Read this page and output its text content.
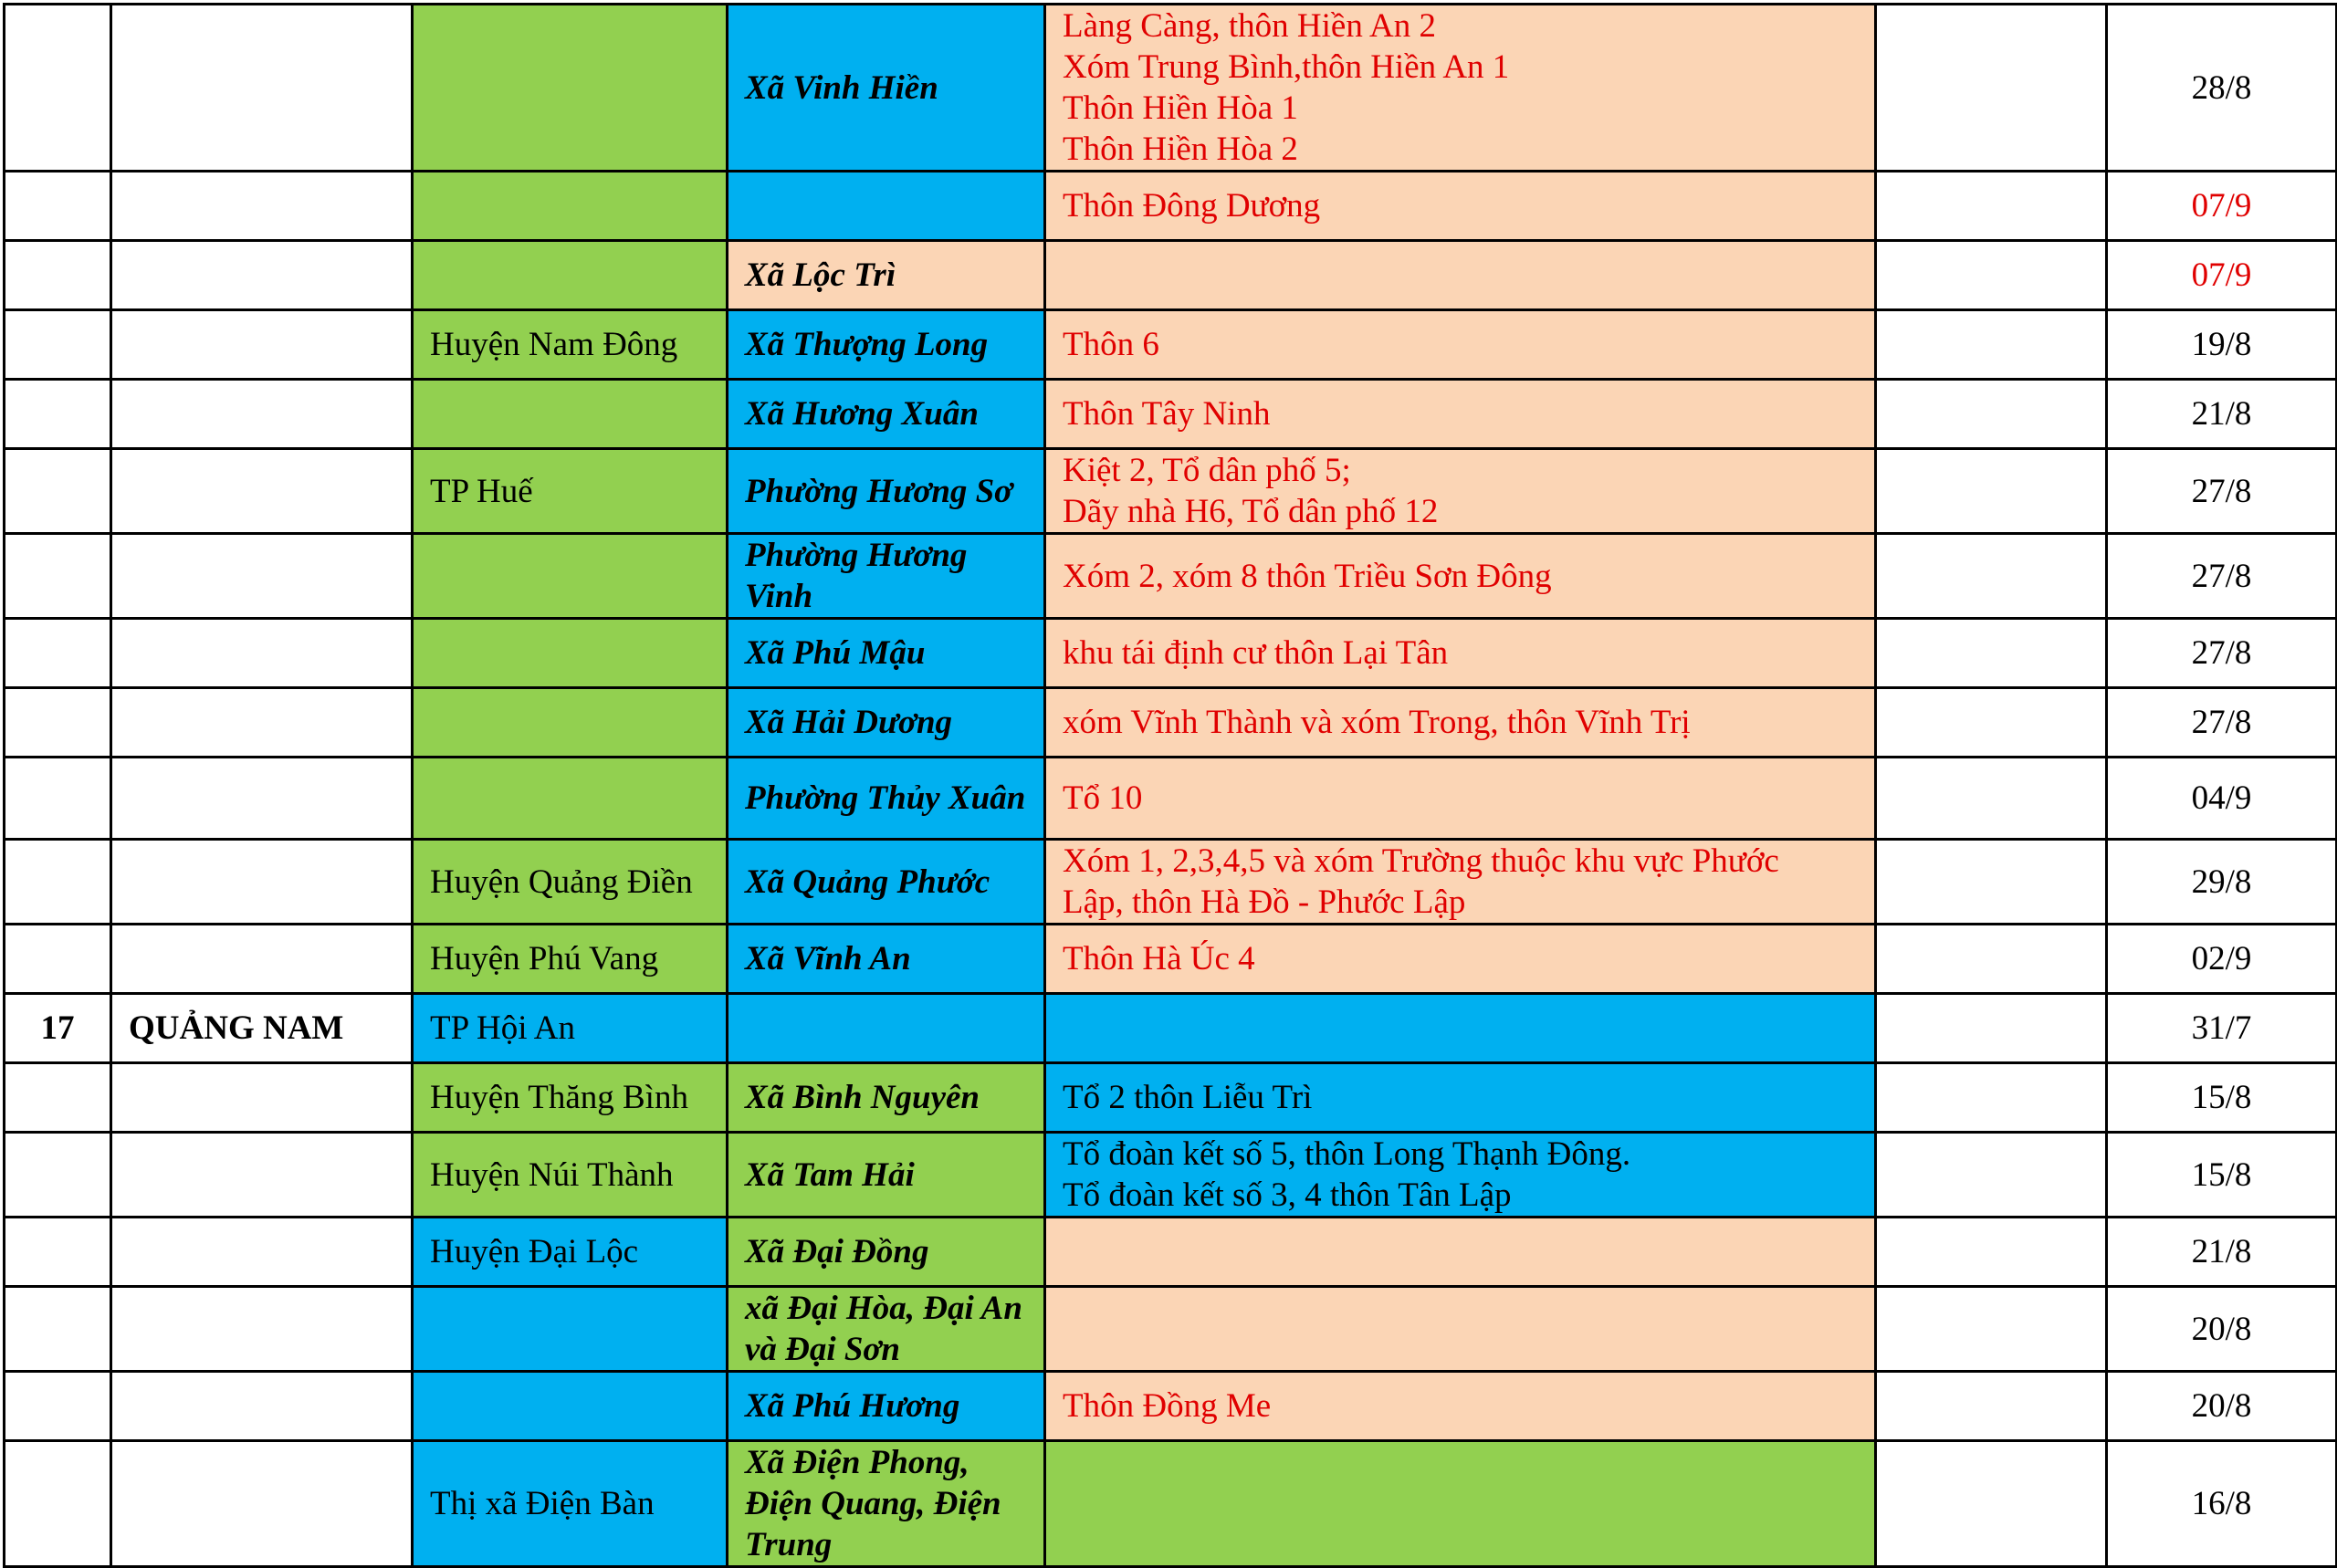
			Xã Vinh Hiền	Làng Càng, thôn Hiền An 2
Xóm Trung Bình,thôn Hiền An 1
Thôn Hiền Hòa 1
Thôn Hiền Hòa 2		28/8

				Thôn Đông Dương		07/9

			Xã Lộc Trì			07/9
		Huyện Nam Đông	Xã Thượng Long	Thôn 6		19/8

			Xã Hương Xuân	Thôn Tây Ninh		21/8
		TP Huế	Phường Hương Sơ	Kiệt 2, Tổ dân phố 5;
Dãy nhà H6, Tổ dân phố 12		27/8

			Phường Hương Vinh	Xóm 2, xóm 8 thôn Triều Sơn Đông		27/8

			Xã Phú Mậu	khu tái định cư thôn Lại Tân		27/8

			Xã Hải Dương	xóm Vĩnh Thành và xóm Trong, thôn Vĩnh Trị		27/8

			Phường Thủy Xuân	Tổ 10		04/9
		Huyện Quảng Điền	Xã Quảng Phước	Xóm 1, 2,3,4,5 và xóm Trường thuộc khu vực Phước
Lập, thôn Hà Đồ - Phước Lập		29/8
		Huyện Phú Vang	Xã Vĩnh An	Thôn Hà Úc 4		02/9
17	QUẢNG NAM	TP Hội An				31/7
		Huyện Thăng Bình	Xã Bình Nguyên	Tổ 2 thôn Liễu Trì		15/8
		Huyện Núi Thành	Xã Tam Hải	Tổ đoàn kết số 5, thôn Long Thạnh Đông.
Tổ đoàn kết số 3, 4 thôn Tân Lập		15/8
		Huyện Đại Lộc	Xã Đại Đồng			21/8

			xã Đại Hòa, Đại An và Đại Sơn			20/8

			Xã Phú Hương	Thôn Đồng Me		20/8
		Thị xã Điện Bàn	Xã Điện Phong, Điện Quang, Điện Trung			16/8
